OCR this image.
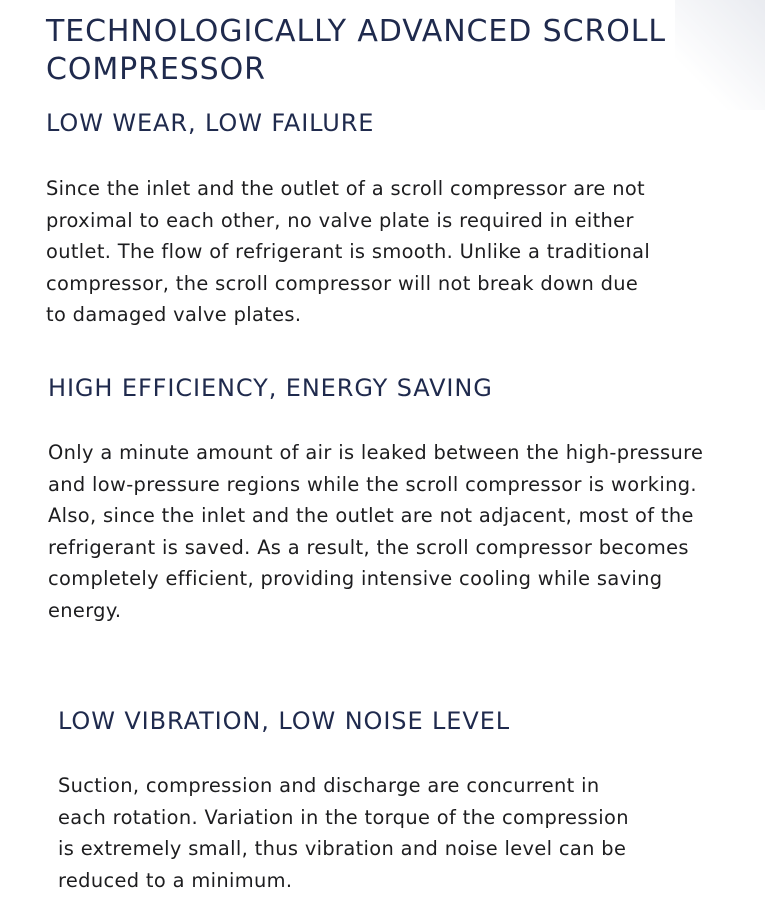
TECHNOLOGICALLY ADVANCED SCROLL
COMPRESSOR
LOW WEAR, LOW FAILURE

Since the inlet and the outlet of a scroll compressor are not
proximal to each other, no valve plate is required in either
outlet. The flow of refrigerant is smooth. Unlike a traditional
compressor, the scroll compressor will not break down due
to damaged valve plates.

HIGH EFFICIENCY, ENERGY SAVING

Only a minute amount of air is leaked between the high-pressure
and low-pressure regions while the scroll compressor is working.
Also, since the inlet and the outlet are not adjacent, most of the
refrigerant is saved. As a result, the scroll compressor becomes
completely efficient, providing intensive cooling while saving
energy.

LOW VIBRATION, LOW NOISE LEVEL

Suction, compression and discharge are concurrent in
each rotation. Variation in the torque of the compression
is extremely small, thus vibration and noise level can be
reduced to a minimum.
